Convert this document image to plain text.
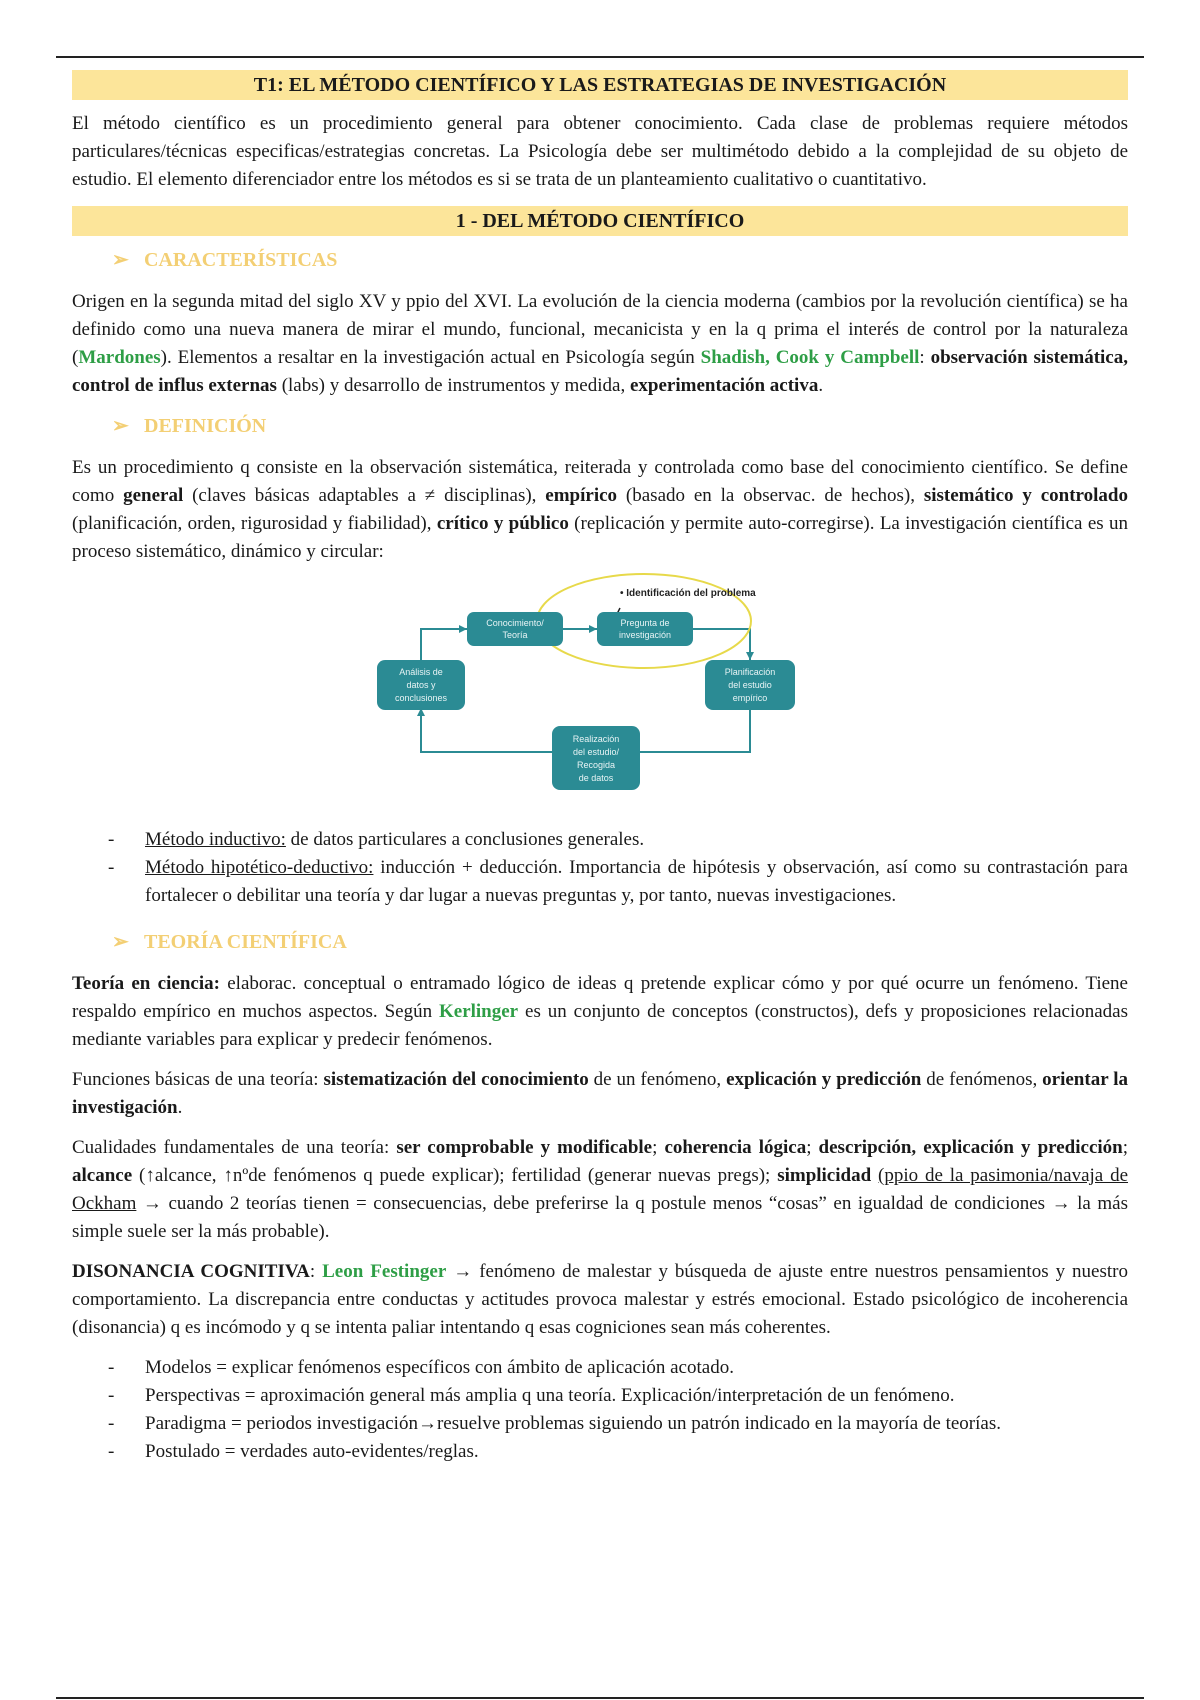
T1: EL MÉTODO CIENTÍFICO Y LAS ESTRATEGIAS DE INVESTIGACIÓN

El método científico es un procedimiento general para obtener conocimiento. Cada clase de problemas requiere métodos particulares/técnicas especificas/estrategias concretas. La Psicología debe ser multimétodo debido a la complejidad de su objeto de estudio. El elemento diferenciador entre los métodos es si se trata de un planteamiento cualitativo o cuantitativo.

1 - DEL MÉTODO CIENTÍFICO
➢ CARACTERÍSTICAS

Origen en la segunda mitad del siglo XV y ppio del XVI. La evolución de la ciencia moderna (cambios por la revolución científica) se ha definido como una nueva manera de mirar el mundo, funcional, mecanicista y en la q prima el interés de control por la naturaleza (Mardones). Elementos a resaltar en la investigación actual en Psicología según Shadish, Cook y Campbell: observación sistemática, control de influs externas (labs) y desarrollo de instrumentos y medida, experimentación activa.

➢ DEFINICIÓN

Es un procedimiento q consiste en la observación sistemática, reiterada y controlada como base del conocimiento científico. Se define como general (claves básicas adaptables a ≠ disciplinas), empírico (basado en la observac. de hechos), sistemático y controlado (planificación, orden, rigurosidad y fiabilidad), crítico y público (replicación y permite auto-corregirse). La investigación científica es un proceso sistemático, dinámico y circular:

• Identificación del problema
Conocimiento/
Teoría
Pregunta de
investigación
Planificación
del estudio
empírico
Realización
del estudio/
Recogida
de datos
Análisis de
datos y
conclusiones
- Método inductivo: de datos particulares a conclusiones generales.
- Método hipotético-deductivo: inducción + deducción. Importancia de hipótesis y observación, así como su contrastación para fortalecer o debilitar una teoría y dar lugar a nuevas preguntas y, por tanto, nuevas investigaciones.
➢ TEORÍA CIENTÍFICA

Teoría en ciencia: elaborac. conceptual o entramado lógico de ideas q pretende explicar cómo y por qué ocurre un fenómeno. Tiene respaldo empírico en muchos aspectos. Según Kerlinger es un conjunto de conceptos (constructos), defs y proposiciones relacionadas mediante variables para explicar y predecir fenómenos.

Funciones básicas de una teoría: sistematización del conocimiento de un fenómeno, explicación y predicción de fenómenos, orientar la investigación.

Cualidades fundamentales de una teoría: ser comprobable y modificable; coherencia lógica; descripción, explicación y predicción; alcance (↑alcance, ↑nºde fenómenos q puede explicar); fertilidad (generar nuevas pregs); simplicidad (ppio de la pasimonia/navaja de Ockham → cuando 2 teorías tienen = consecuencias, debe preferirse la q postule menos “cosas” en igualdad de condiciones → la más simple suele ser la más probable).

DISONANCIA COGNITIVA: Leon Festinger → fenómeno de malestar y búsqueda de ajuste entre nuestros pensamientos y nuestro comportamiento. La discrepancia entre conductas y actitudes provoca malestar y estrés emocional. Estado psicológico de incoherencia (disonancia) q es incómodo y q se intenta paliar intentando q esas cogniciones sean más coherentes.

- Modelos = explicar fenómenos específicos con ámbito de aplicación acotado.
- Perspectivas = aproximación general más amplia q una teoría. Explicación/interpretación de un fenómeno.
- Paradigma = periodos investigación→resuelve problemas siguiendo un patrón indicado en la mayoría de teorías.
- Postulado = verdades auto-evidentes/reglas.
